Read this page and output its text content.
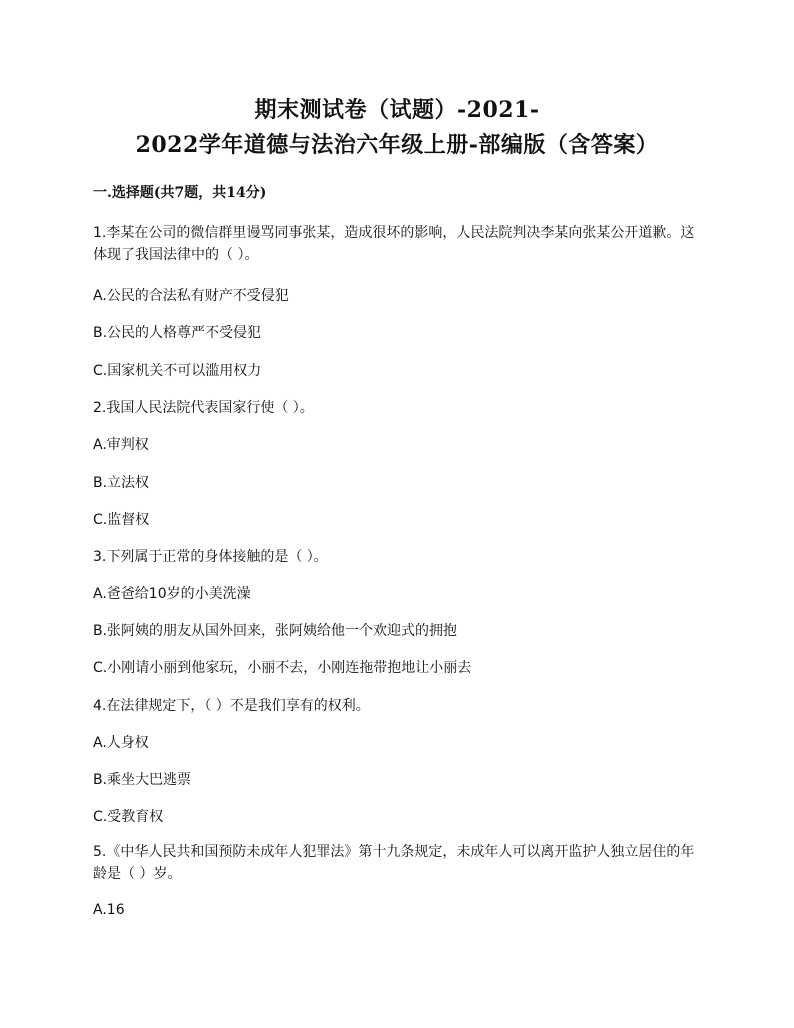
期末测试卷（试题）-2021-
2022学年道德与法治六年级上册-部编版（含答案）
一.选择题(共7题，共14分)
1.李某在公司的微信群里谩骂同事张某，造成很坏的影响，人民法院判决李某向张某公开道歉。这体现了我国法律中的（ ）。
A.公民的合法私有财产不受侵犯
B.公民的人格尊严不受侵犯
C.国家机关不可以滥用权力
2.我国人民法院代表国家行使（ ）。
A.审判权
B.立法权
C.监督权
3.下列属于正常的身体接触的是（ ）。
A.爸爸给10岁的小美洗澡
B.张阿姨的朋友从国外回来，张阿姨给他一个欢迎式的拥抱
C.小刚请小丽到他家玩，小丽不去，小刚连拖带抱地让小丽去
4.在法律规定下，（ ）不是我们享有的权利。
A.人身权
B.乘坐大巴逃票
C.受教育权
5.《中华人民共和国预防未成年人犯罪法》第十九条规定，未成年人可以离开监护人独立居住的年龄是（ ）岁。
A.16
